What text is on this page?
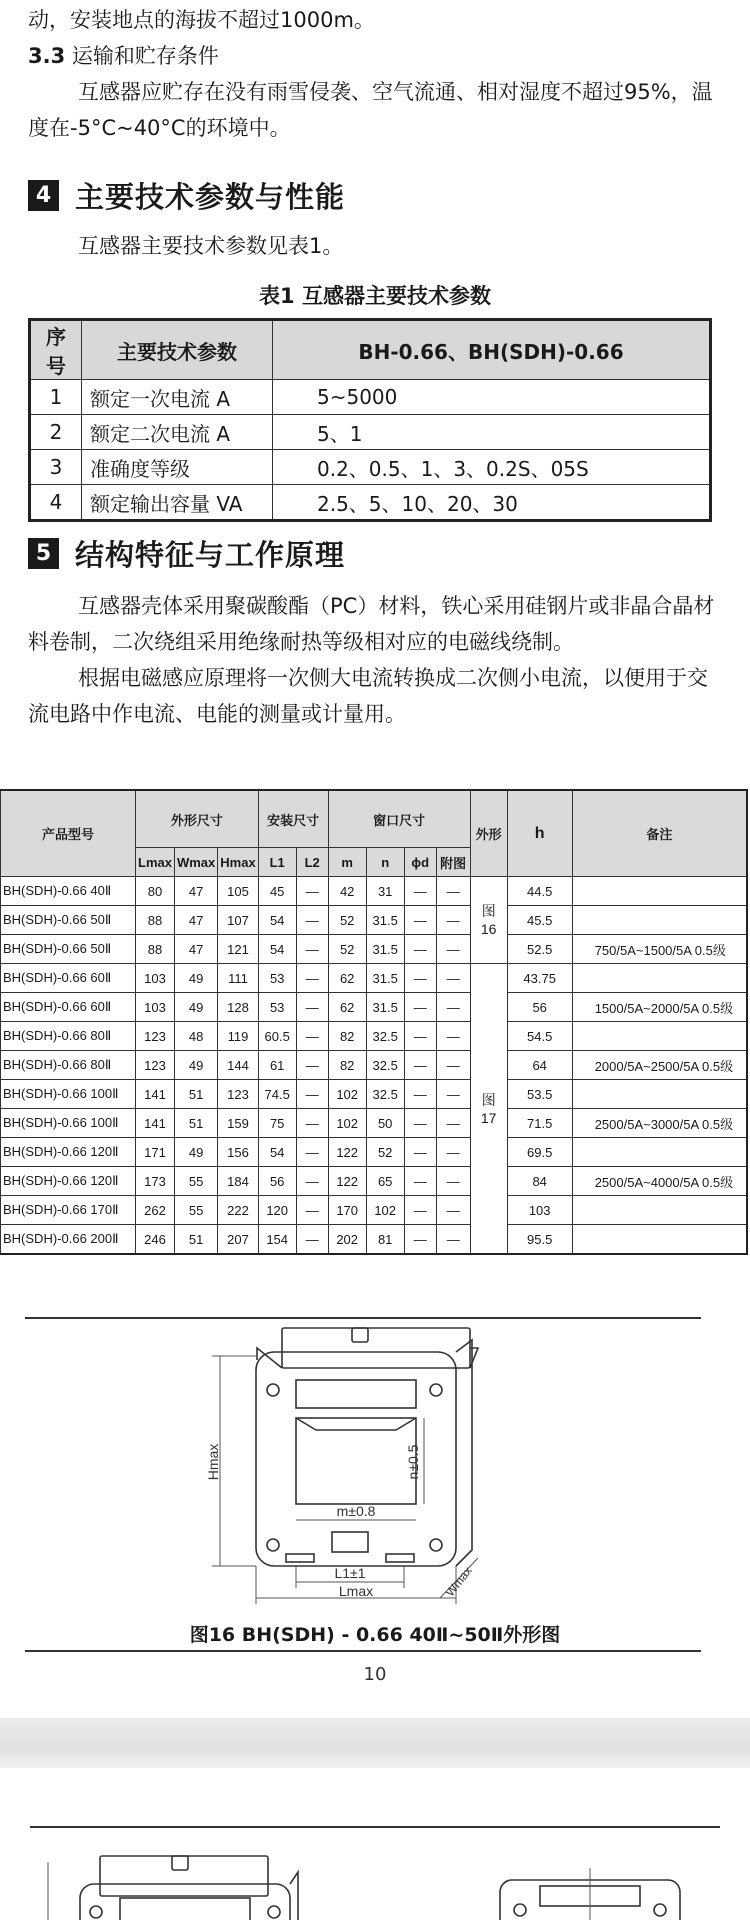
动，安装地点的海拔不超过1000m。
3.3 运输和贮存条件
互感器应贮存在没有雨雪侵袭、空气流通、相对湿度不超过95%，温度在-5°C~40°C的环境中。
4 主要技术参数与性能
互感器主要技术参数见表1。
表1 互感器主要技术参数
序号	主要技术参数	BH-0.66、BH(SDH)-0.66
1	额定一次电流 A	5~5000
2	额定二次电流 A	5、1
3	准确度等级	0.2、0.5、1、3、0.2S、05S
4	额定输出容量 VA	2.5、5、10、20、30
5 结构特征与工作原理
互感器壳体采用聚碳酸酯（PC）材料，铁心采用硅钢片或非晶合晶材料卷制，二次绕组采用绝缘耐热等级相对应的电磁线绕制。
根据电磁感应原理将一次侧大电流转换成二次侧小电流，以便用于交流电路中作电流、电能的测量或计量用。
产品型号	外形尺寸			安装尺寸		窗口尺寸				外形	h	备注
	Lmax	Wmax	Hmax	L1	L2	m	n	ϕd	附图			
BH(SDH)-0.66 40Ⅱ	80	47	105	45	—	42	31	—	—	图16	44.5	
BH(SDH)-0.66 50Ⅱ	88	47	107	54	—	52	31.5	—	—		45.5	
BH(SDH)-0.66 50Ⅱ	88	47	121	54	—	52	31.5	—	—		52.5	750/5A~1500/5A 0.5级
BH(SDH)-0.66 60Ⅱ	103	49	111	53	—	62	31.5	—	—	图17	43.75	
BH(SDH)-0.66 60Ⅱ	103	49	128	53	—	62	31.5	—	—		56	1500/5A~2000/5A 0.5级
BH(SDH)-0.66 80Ⅱ	123	48	119	60.5	—	82	32.5	—	—		54.5	
BH(SDH)-0.66 80Ⅱ	123	49	144	61	—	82	32.5	—	—		64	2000/5A~2500/5A 0.5级
BH(SDH)-0.66 100Ⅱ	141	51	123	74.5	—	102	32.5	—	—		53.5	
BH(SDH)-0.66 100Ⅱ	141	51	159	75	—	102	50	—	—		71.5	2500/5A~3000/5A 0.5级
BH(SDH)-0.66 120Ⅱ	171	49	156	54	—	122	52	—	—		69.5	
BH(SDH)-0.66 120Ⅱ	173	55	184	56	—	122	65	—	—		84	2500/5A~4000/5A 0.5级
BH(SDH)-0.66 170Ⅱ	262	55	222	120	—	170	102	—	—		103	
BH(SDH)-0.66 200Ⅱ	246	51	207	154	—	202	81	—	—		95.5	
Hmax	n±0.5
m±0.8
L1±1
Lmax	Wmax
图16 BH(SDH) - 0.66 40Ⅱ~50Ⅱ外形图
10
